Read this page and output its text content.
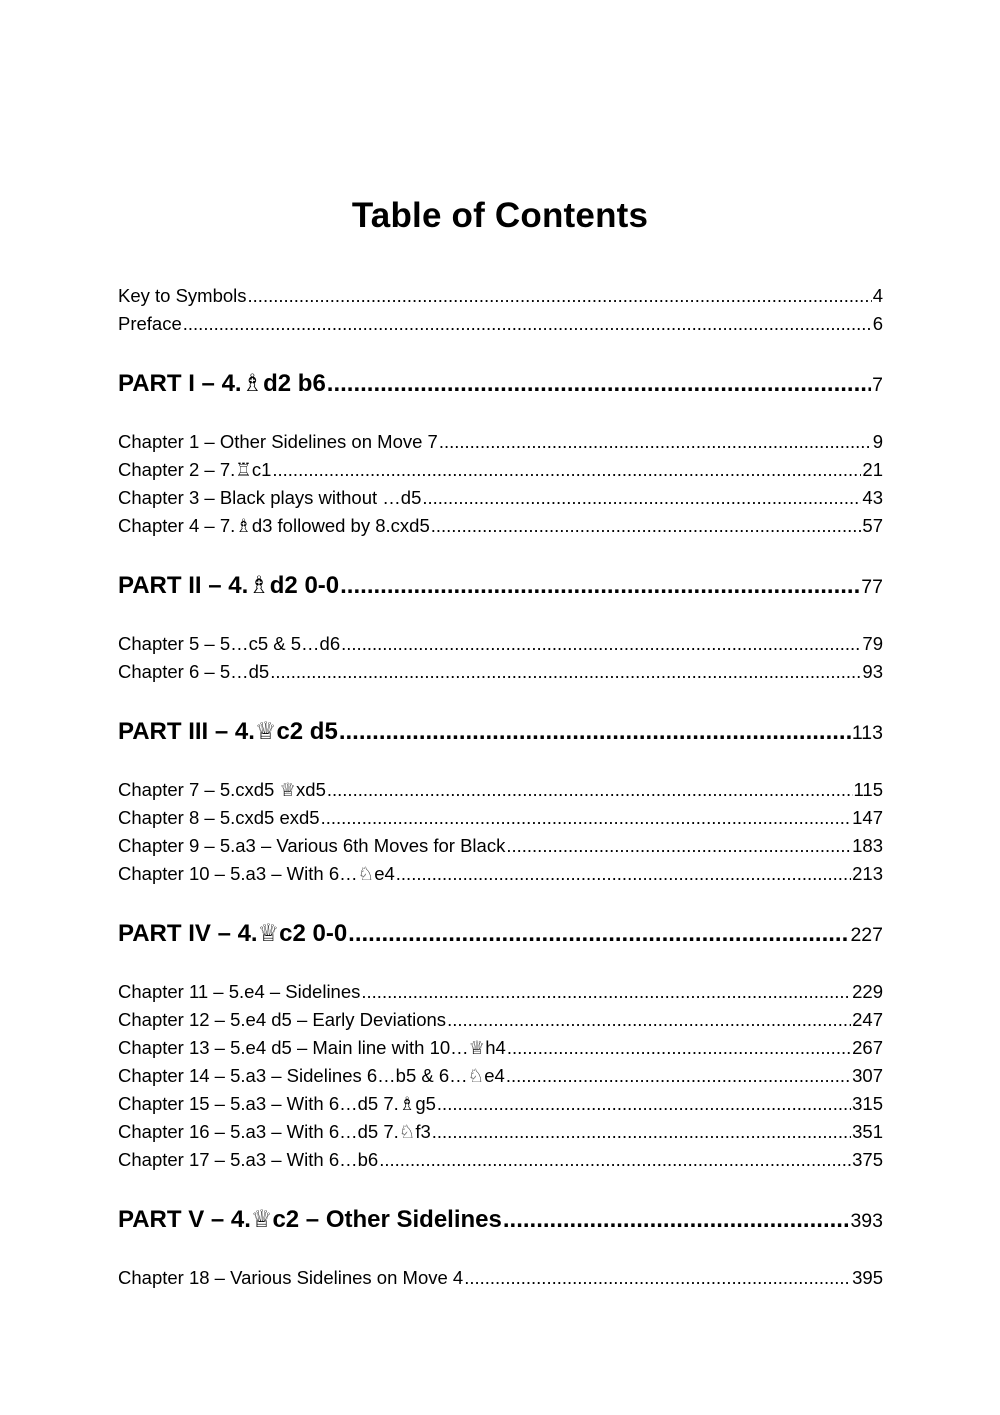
Table of Contents
Key to Symbols .....	4
Preface .....	6
PART I – 4.♗d2 b6 .....	7
Chapter 1 – Other Sidelines on Move 7 .....	9
Chapter 2 – 7.♖c1 .....	21
Chapter 3 – Black plays without …d5 .....	43
Chapter 4 – 7.♗d3 followed by 8.cxd5 .....	57
PART II – 4.♗d2 0-0 .....	77
Chapter 5 – 5…c5 & 5…d6 .....	79
Chapter 6 – 5…d5 .....	93
PART III – 4.♕c2 d5 .....	113
Chapter 7 – 5.cxd5 ♕xd5 .....	115
Chapter 8 – 5.cxd5 exd5 .....	147
Chapter 9 – 5.a3 – Various 6th Moves for Black .....	183
Chapter 10 – 5.a3 – With 6…♘e4 .....	213
PART IV – 4.♕c2 0-0 .....	227
Chapter 11 – 5.e4 – Sidelines .....	229
Chapter 12 – 5.e4 d5 – Early Deviations .....	247
Chapter 13 – 5.e4 d5 – Main line with 10…♕h4 .....	267
Chapter 14 – 5.a3 – Sidelines 6…b5 & 6…♘e4 .....	307
Chapter 15 – 5.a3 – With 6…d5 7.♗g5 .....	315
Chapter 16 – 5.a3 – With 6…d5 7.♘f3 .....	351
Chapter 17 – 5.a3 – With 6…b6 .....	375
PART V – 4.♕c2 – Other Sidelines .....	393
Chapter 18 – Various Sidelines on Move 4 .....	395
